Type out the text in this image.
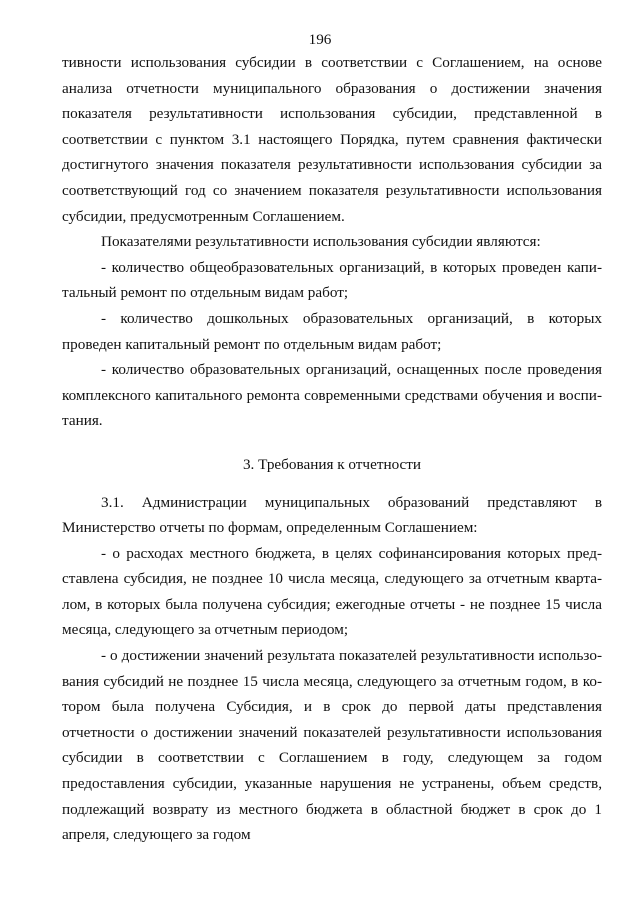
196

тивности использования субсидии в соответствии с Соглашением, на основе анализа отчетности муниципального образования о достижении значения показателя результативности использования субсидии, представленной в соответствии с пунктом 3.1 настоящего Порядка, путем сравнения фактически достигнутого значения показателя результативности использования субсидии за соответствующий год со значением показателя результативности использования субсидии, предусмотренным Соглашением.

Показателями результативности использования субсидии являются:

- количество общеобразовательных организаций, в которых проведен капитальный ремонт по отдельным видам работ;

- количество дошкольных образовательных организаций, в которых проведен капитальный ремонт по отдельным видам работ;

- количество образовательных организаций, оснащенных после проведения комплексного капитального ремонта современными средствами обучения и воспитания.

3. Требования к отчетности

3.1. Администрации муниципальных образований представляют в Министерство отчеты по формам, определенным Соглашением:

- о расходах местного бюджета, в целях софинансирования которых представлена субсидия, не позднее 10 числа месяца, следующего за отчетным кварталом, в которых была получена субсидия; ежегодные отчеты - не позднее 15 числа месяца, следующего за отчетным периодом;

- о достижении значений результата показателей результативности использования субсидий не позднее 15 числа месяца, следующего за отчетным годом, в котором была получена Субсидия, и в срок до первой даты представления отчетности о достижении значений показателей результативности использования субсидии в соответствии с Соглашением в году, следующем за годом предоставления субсидии, указанные нарушения не устранены, объем средств, подлежащий возврату из местного бюджета в областной бюджет в срок до 1 апреля, следующего за годом
